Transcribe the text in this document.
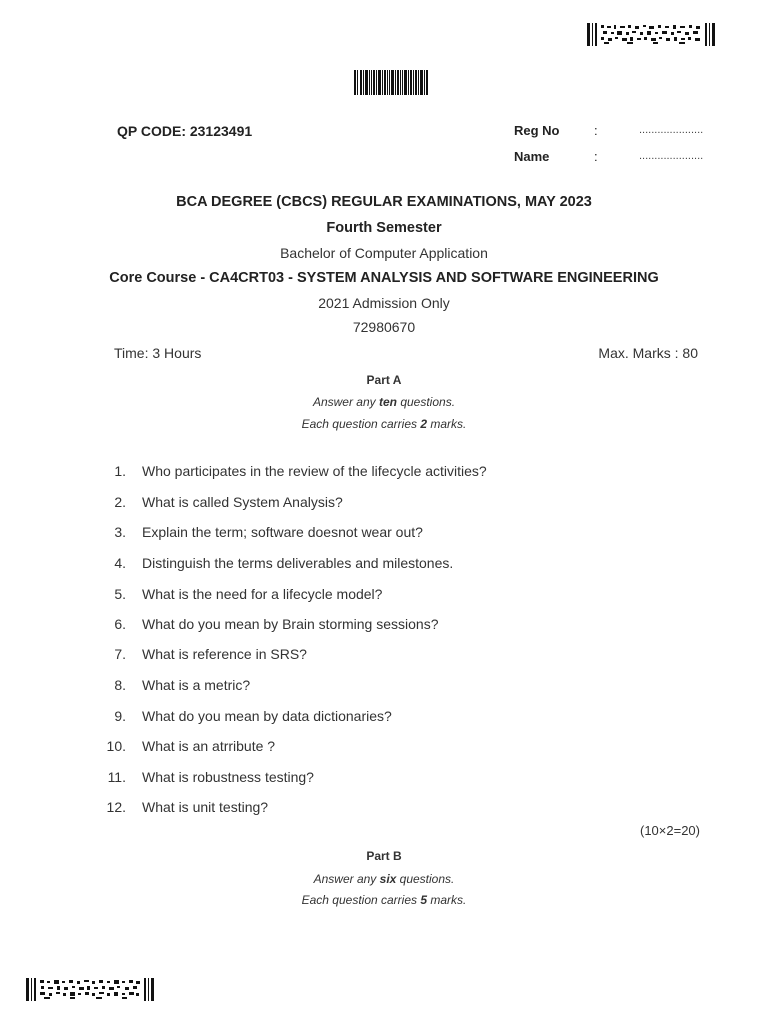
QP CODE: 23123491	Reg No	:	.....................
Name	:	.....................
BCA DEGREE (CBCS) REGULAR EXAMINATIONS, MAY 2023
Fourth Semester
Bachelor of Computer Application
Core Course - CA4CRT03 - SYSTEM ANALYSIS AND SOFTWARE ENGINEERING
2021 Admission Only
72980670
Time: 3 Hours	Max. Marks : 80
Part A
Answer any ten questions.
Each question carries 2 marks.
1. Who participates in the review of the lifecycle activities?
2. What is called System Analysis?
3. Explain the term; software doesnot wear out?
4. Distinguish the terms deliverables and milestones.
5. What is the need for a lifecycle model?
6. What do you mean by Brain storming sessions?
7. What is reference in SRS?
8. What is a metric?
9. What do you mean by data dictionaries?
10. What is an atrribute ?
11. What is robustness testing?
12. What is unit testing?
(10×2=20)
Part B
Answer any six questions.
Each question carries 5 marks.
